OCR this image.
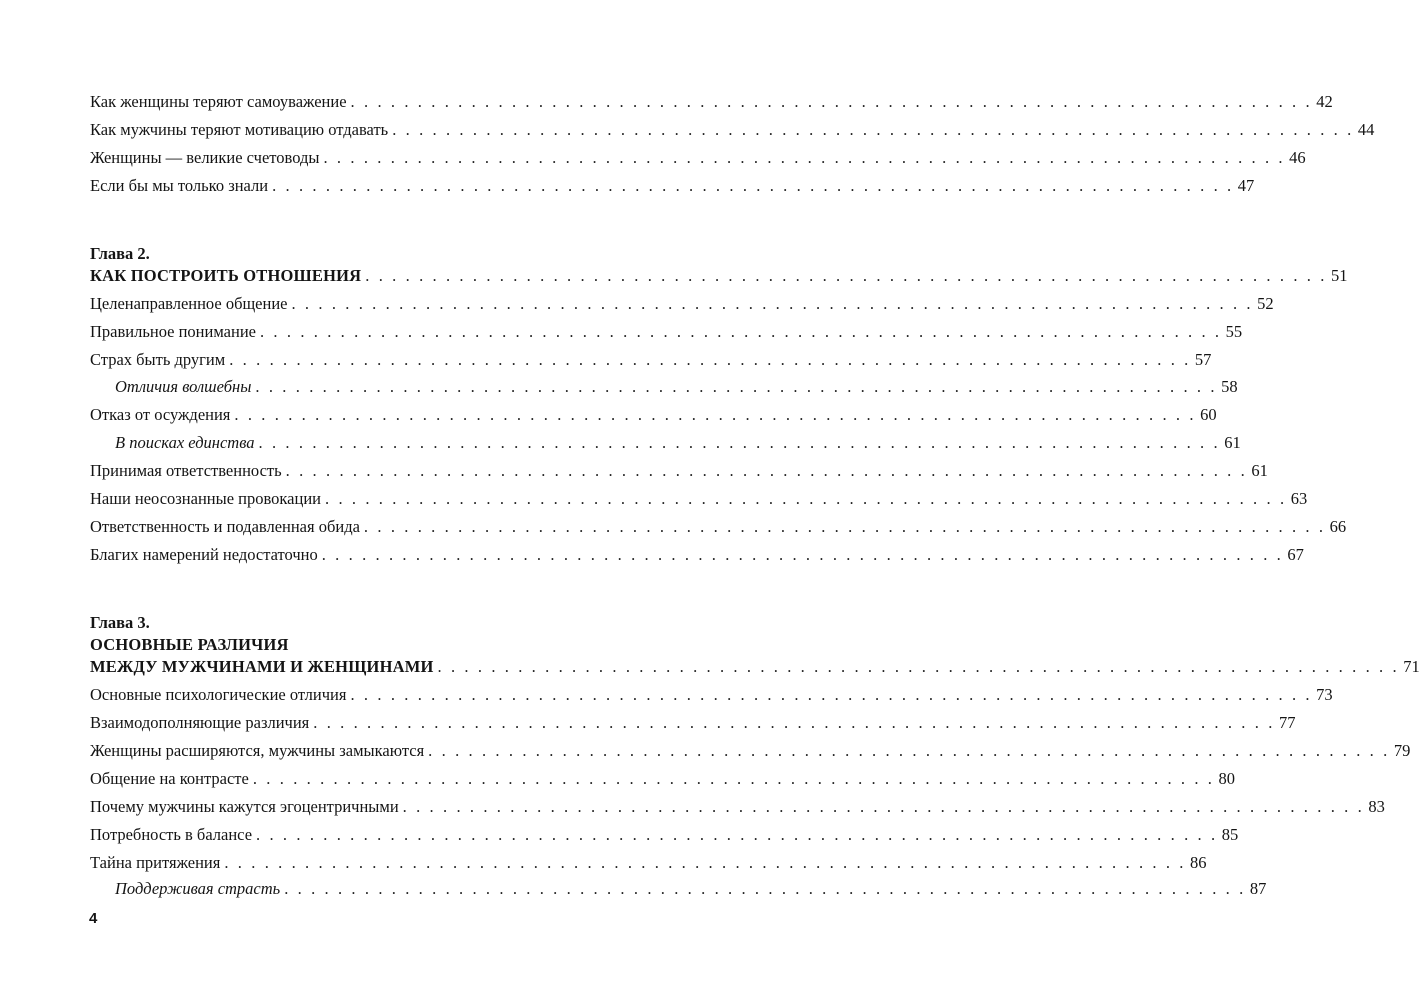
Как женщины теряют самоуважение . . . . . . . . . . . . . . . . . . . . . . . . . . . . . . . . . . . . . . . . . . . . . . . . . . . . . . . . . . . . . . . . . . . . . . . . 42
Как мужчины теряют мотивацию отдавать . . . . . . . . . . . . . . . . . . . . . . . . . . . . . . . . . . . . . . . . . . . . . . . . . . . . . . . . . . . . . . . . . . . . . . . . 44
Женщины — великие счетоводы . . . . . . . . . . . . . . . . . . . . . . . . . . . . . . . . . . . . . . . . . . . . . . . . . . . . . . . . . . . . . . . . . . . . . . . . 46
Если бы мы только знали . . . . . . . . . . . . . . . . . . . . . . . . . . . . . . . . . . . . . . . . . . . . . . . . . . . . . . . . . . . . . . . . . . . . . . . . 47
Глава 2.
КАК ПОСТРОИТЬ ОТНОШЕНИЯ . . . . . . . . . . . . . . . . . . . . . . . . . . . . . . . . . . . . . . . . . . . . . . . . . . . . . . . . . . . . . . . . . . . . . . . . 51
Целенаправленное общение . . . . . . . . . . . . . . . . . . . . . . . . . . . . . . . . . . . . . . . . . . . . . . . . . . . . . . . . . . . . . . . . . . . . . . . . 52
Правильное понимание . . . . . . . . . . . . . . . . . . . . . . . . . . . . . . . . . . . . . . . . . . . . . . . . . . . . . . . . . . . . . . . . . . . . . . . . 55
Страх быть другим . . . . . . . . . . . . . . . . . . . . . . . . . . . . . . . . . . . . . . . . . . . . . . . . . . . . . . . . . . . . . . . . . . . . . . . . 57
Отличия волшебны . . . . . . . . . . . . . . . . . . . . . . . . . . . . . . . . . . . . . . . . . . . . . . . . . . . . . . . . . . . . . . . . . . . . . . . . 58
Отказ от осуждения . . . . . . . . . . . . . . . . . . . . . . . . . . . . . . . . . . . . . . . . . . . . . . . . . . . . . . . . . . . . . . . . . . . . . . . . 60
В поисках единства . . . . . . . . . . . . . . . . . . . . . . . . . . . . . . . . . . . . . . . . . . . . . . . . . . . . . . . . . . . . . . . . . . . . . . . . 61
Принимая ответственность . . . . . . . . . . . . . . . . . . . . . . . . . . . . . . . . . . . . . . . . . . . . . . . . . . . . . . . . . . . . . . . . . . . . . . . . 61
Наши неосознанные провокации . . . . . . . . . . . . . . . . . . . . . . . . . . . . . . . . . . . . . . . . . . . . . . . . . . . . . . . . . . . . . . . . . . . . . . . . 63
Ответственность и подавленная обида . . . . . . . . . . . . . . . . . . . . . . . . . . . . . . . . . . . . . . . . . . . . . . . . . . . . . . . . . . . . . . . . . . . . . . . . 66
Благих намерений недостаточно . . . . . . . . . . . . . . . . . . . . . . . . . . . . . . . . . . . . . . . . . . . . . . . . . . . . . . . . . . . . . . . . . . . . . . . . 67
Глава 3.
ОСНОВНЫЕ РАЗЛИЧИЯ
МЕЖДУ МУЖЧИНАМИ И ЖЕНЩИНАМИ . . . . . . . . . . . . . . . . . . . . . . . . . . . . . . . . . . . . . . . . . . . . . . . . . . . . . . . . . . . . . . . . . . . . . . . . 71
Основные психологические отличия . . . . . . . . . . . . . . . . . . . . . . . . . . . . . . . . . . . . . . . . . . . . . . . . . . . . . . . . . . . . . . . . . . . . . . . . 73
Взаимодополняющие различия . . . . . . . . . . . . . . . . . . . . . . . . . . . . . . . . . . . . . . . . . . . . . . . . . . . . . . . . . . . . . . . . . . . . . . . . 77
Женщины расширяются, мужчины замыкаются . . . . . . . . . . . . . . . . . . . . . . . . . . . . . . . . . . . . . . . . . . . . . . . . . . . . . . . . . . . . . . . . . . . . . . . . 79
Общение на контрасте . . . . . . . . . . . . . . . . . . . . . . . . . . . . . . . . . . . . . . . . . . . . . . . . . . . . . . . . . . . . . . . . . . . . . . . . 80
Почему мужчины кажутся эгоцентричными . . . . . . . . . . . . . . . . . . . . . . . . . . . . . . . . . . . . . . . . . . . . . . . . . . . . . . . . . . . . . . . . . . . . . . . . 83
Потребность в балансе . . . . . . . . . . . . . . . . . . . . . . . . . . . . . . . . . . . . . . . . . . . . . . . . . . . . . . . . . . . . . . . . . . . . . . . . 85
Тайна притяжения . . . . . . . . . . . . . . . . . . . . . . . . . . . . . . . . . . . . . . . . . . . . . . . . . . . . . . . . . . . . . . . . . . . . . . . . 86
Поддерживая страсть . . . . . . . . . . . . . . . . . . . . . . . . . . . . . . . . . . . . . . . . . . . . . . . . . . . . . . . . . . . . . . . . . . . . . . . . 87
4
